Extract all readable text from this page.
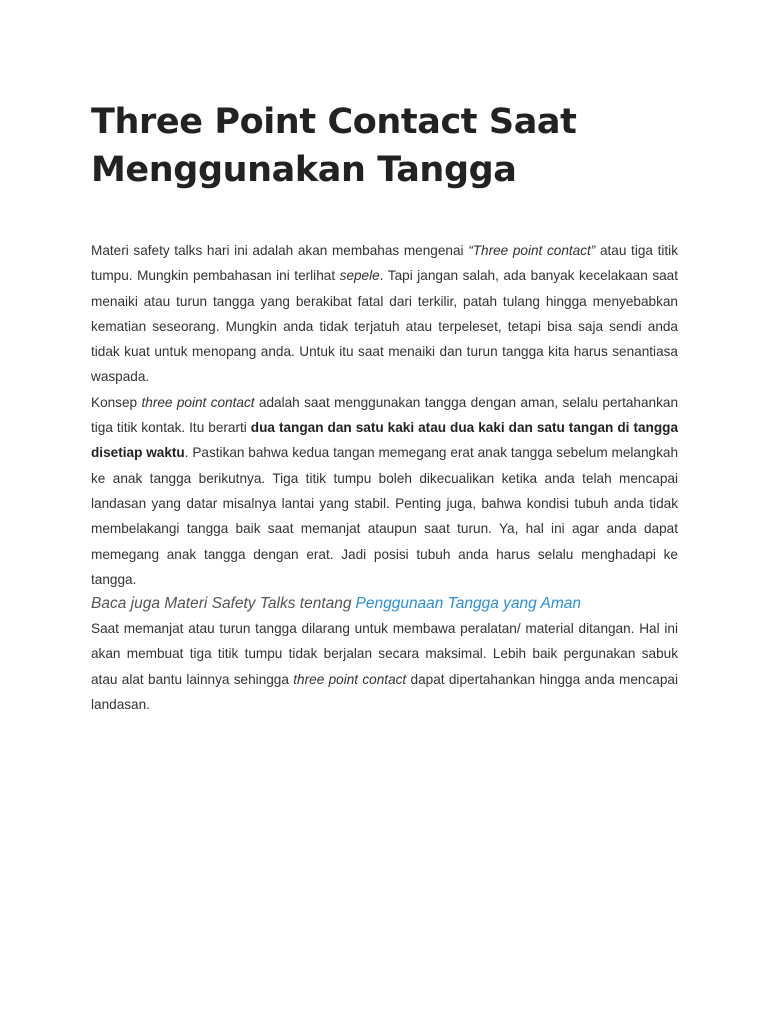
Three Point Contact Saat
Menggunakan Tangga

Materi safety talks hari ini adalah akan membahas mengenai “Three point contact” atau tiga titik tumpu. Mungkin pembahasan ini terlihat sepele. Tapi jangan salah, ada banyak kecelakaan saat menaiki atau turun tangga yang berakibat fatal dari terkilir, patah tulang hingga menyebabkan kematian seseorang. Mungkin anda tidak terjatuh atau terpeleset, tetapi bisa saja sendi anda tidak kuat untuk menopang anda. Untuk itu saat menaiki dan turun tangga kita harus senantiasa waspada.

Konsep three point contact adalah saat menggunakan tangga dengan aman, selalu pertahankan tiga titik kontak. Itu berarti dua tangan dan satu kaki atau dua kaki dan satu tangan di tangga disetiap waktu. Pastikan bahwa kedua tangan memegang erat anak tangga sebelum melangkah ke anak tangga berikutnya. Tiga titik tumpu boleh dikecualikan ketika anda telah mencapai landasan yang datar misalnya lantai yang stabil. Penting juga, bahwa kondisi tubuh anda tidak membelakangi tangga baik saat memanjat ataupun saat turun. Ya, hal ini agar anda dapat memegang anak tangga dengan erat. Jadi posisi tubuh anda harus selalu menghadapi ke tangga.

Baca juga Materi Safety Talks tentang Penggunaan Tangga yang Aman

Saat memanjat atau turun tangga dilarang untuk membawa peralatan/ material ditangan. Hal ini akan membuat tiga titik tumpu tidak berjalan secara maksimal. Lebih baik pergunakan sabuk atau alat bantu lainnya sehingga three point contact dapat dipertahankan hingga anda mencapai landasan.
